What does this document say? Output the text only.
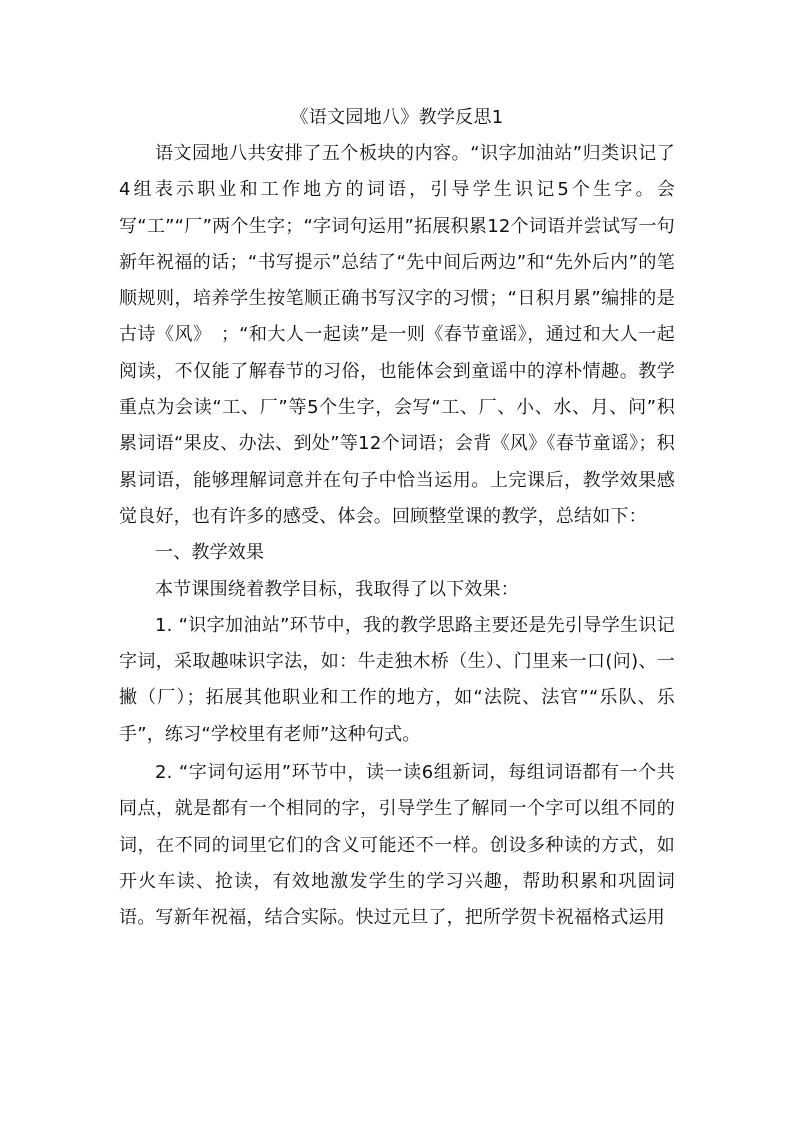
《语文园地八》教学反思1

语文园地八共安排了五个板块的内容。“识字加油站”归类识记了4组表示职业和工作地方的词语，引导学生识记5个生字。会写“工”“厂”两个生字；“字词句运用”拓展积累12个词语并尝试写一句新年祝福的话；“书写提示”总结了“先中间后两边”和“先外后内”的笔顺规则，培养学生按笔顺正确书写汉字的习惯；“日积月累”编排的是古诗《风》　；“和大人一起读”是一则《春节童谣》，通过和大人一起阅读，不仅能了解春节的习俗，也能体会到童谣中的淳朴情趣。教学重点为会读“工、厂”等5个生字，会写“工、厂、小、水、月、问”积累词语“果皮、办法、到处”等12个词语；会背《风》《春节童谣》；积累词语，能够理解词意并在句子中恰当运用。上完课后，教学效果感觉良好，也有许多的感受、体会。回顾整堂课的教学，总结如下：

一、教学效果

本节课围绕着教学目标，我取得了以下效果：

1. “识字加油站”环节中，我的教学思路主要还是先引导学生识记字词，采取趣味识字法，如：牛走独木桥（生）、门里来一口(问)、一撇（厂）；拓展其他职业和工作的地方，如“法院、法官”“乐队、乐手”，练习“学校里有老师”这种句式。

2. “字词句运用”环节中，读一读6组新词，每组词语都有一个共同点，就是都有一个相同的字，引导学生了解同一个字可以组不同的词，在不同的词里它们的含义可能还不一样。创设多种读的方式，如开火车读、抢读，有效地激发学生的学习兴趣，帮助积累和巩固词语。写新年祝福，结合实际。快过元旦了，把所学贺卡祝福格式运用
